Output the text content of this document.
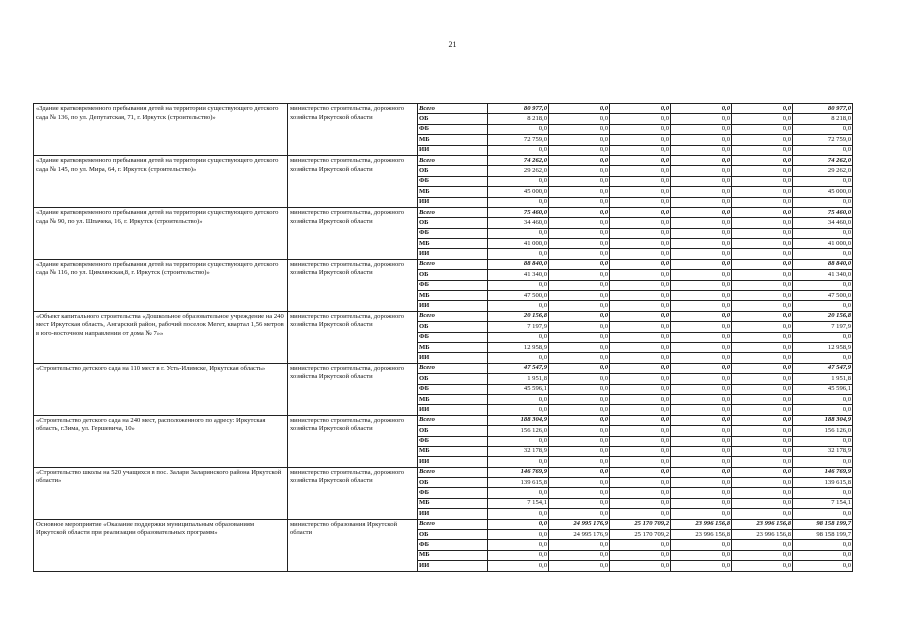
21
«Здание кратковременного пребывания детей на территории существующего детского сада № 136, по ул. Депутатская, 71, г. Иркутск (строительство)»	министерство строительства, дорожного хозяйства Иркутской области	Всего	80 977,0	0,0	0,0	0,0	0,0	80 977,0
		ОБ	8 218,0	0,0	0,0	0,0	0,0	8 218,0
		ФБ	0,0	0,0	0,0	0,0	0,0	0,0
		МБ	72 759,0	0,0	0,0	0,0	0,0	72 759,0
		ИИ	0,0	0,0	0,0	0,0	0,0	0,0
«Здание кратковременного пребывания детей на территории существующего детского сада № 145, по ул. Мира, 64, г. Иркутск (строительство)»	министерство строительства, дорожного хозяйства Иркутской области	Всего	74 262,0	0,0	0,0	0,0	0,0	74 262,0
		ОБ	29 262,0	0,0	0,0	0,0	0,0	29 262,0
		ФБ	0,0	0,0	0,0	0,0	0,0	0,0
		МБ	45 000,0	0,0	0,0	0,0	0,0	45 000,0
		ИИ	0,0	0,0	0,0	0,0	0,0	0,0
«Здание кратковременного пребывания детей на территории существующего детского сада № 90, по ул. Шпачека, 16, г. Иркутск (строительство)»	министерство строительства, дорожного хозяйства Иркутской области	Всего	75 460,0	0,0	0,0	0,0	0,0	75 460,0
		ОБ	34 460,0	0,0	0,0	0,0	0,0	34 460,0
		ФБ	0,0	0,0	0,0	0,0	0,0	0,0
		МБ	41 000,0	0,0	0,0	0,0	0,0	41 000,0
		ИИ	0,0	0,0	0,0	0,0	0,0	0,0
«Здание кратковременного пребывания детей на территории существующего детского сада № 116, по ул. Цимлянская,8, г. Иркутск (строительство)»	министерство строительства, дорожного хозяйства Иркутской области	Всего	88 840,0	0,0	0,0	0,0	0,0	88 840,0
		ОБ	41 340,0	0,0	0,0	0,0	0,0	41 340,0
		ФБ	0,0	0,0	0,0	0,0	0,0	0,0
		МБ	47 500,0	0,0	0,0	0,0	0,0	47 500,0
		ИИ	0,0	0,0	0,0	0,0	0,0	0,0
«Объект капитального строительства «Дошкольное образовательное учреждение на 240 мест Иркутская область, Ангарский район, рабочий поселок Мегет, квартал 1,56 метров в юго-восточном направлении от дома № 7»»	министерство строительства, дорожного хозяйства Иркутской области	Всего	20 156,8	0,0	0,0	0,0	0,0	20 156,8
		ОБ	7 197,9	0,0	0,0	0,0	0,0	7 197,9
		ФБ	0,0	0,0	0,0	0,0	0,0	0,0
		МБ	12 958,9	0,0	0,0	0,0	0,0	12 958,9
		ИИ	0,0	0,0	0,0	0,0	0,0	0,0
«Строительство детского сада на 110 мест в г. Усть-Илимске, Иркутская область»	министерство строительства, дорожного хозяйства Иркутской области	Всего	47 547,9	0,0	0,0	0,0	0,0	47 547,9
		ОБ	1 951,8	0,0	0,0	0,0	0,0	1 951,8
		ФБ	45 596,1	0,0	0,0	0,0	0,0	45 596,1
		МБ	0,0	0,0	0,0	0,0	0,0	0,0
		ИИ	0,0	0,0	0,0	0,0	0,0	0,0
«Строительство детского сада на 240 мест, расположенного по адресу: Иркутская область, г.Зима, ул. Гершевича, 10»	министерство строительства, дорожного хозяйства Иркутской области	Всего	188 304,9	0,0	0,0	0,0	0,0	188 304,9
		ОБ	156 126,0	0,0	0,0	0,0	0,0	156 126,0
		ФБ	0,0	0,0	0,0	0,0	0,0	0,0
		МБ	32 178,9	0,0	0,0	0,0	0,0	32 178,9
		ИИ	0,0	0,0	0,0	0,0	0,0	0,0
«Строительство школы на 520 учащихся в пос. Залари Заларинского района Иркутской области»	министерство строительства, дорожного хозяйства Иркутской области	Всего	146 769,9	0,0	0,0	0,0	0,0	146 769,9
		ОБ	139 615,8	0,0	0,0	0,0	0,0	139 615,8
		ФБ	0,0	0,0	0,0	0,0	0,0	0,0
		МБ	7 154,1	0,0	0,0	0,0	0,0	7 154,1
		ИИ	0,0	0,0	0,0	0,0	0,0	0,0
Основное мероприятие «Оказание поддержки муниципальным образованиям Иркутской области при реализации образовательных программ»	министерство образования Иркутской области	Всего	0,0	24 995 176,9	25 170 709,2	23 996 156,8	23 996 156,8	98 158 199,7
		ОБ	0,0	24 995 176,9	25 170 709,2	23 996 156,8	23 996 156,8	98 158 199,7
		ФБ	0,0	0,0	0,0	0,0	0,0	0,0
		МБ	0,0	0,0	0,0	0,0	0,0	0,0
		ИИ	0,0	0,0	0,0	0,0	0,0	0,0
